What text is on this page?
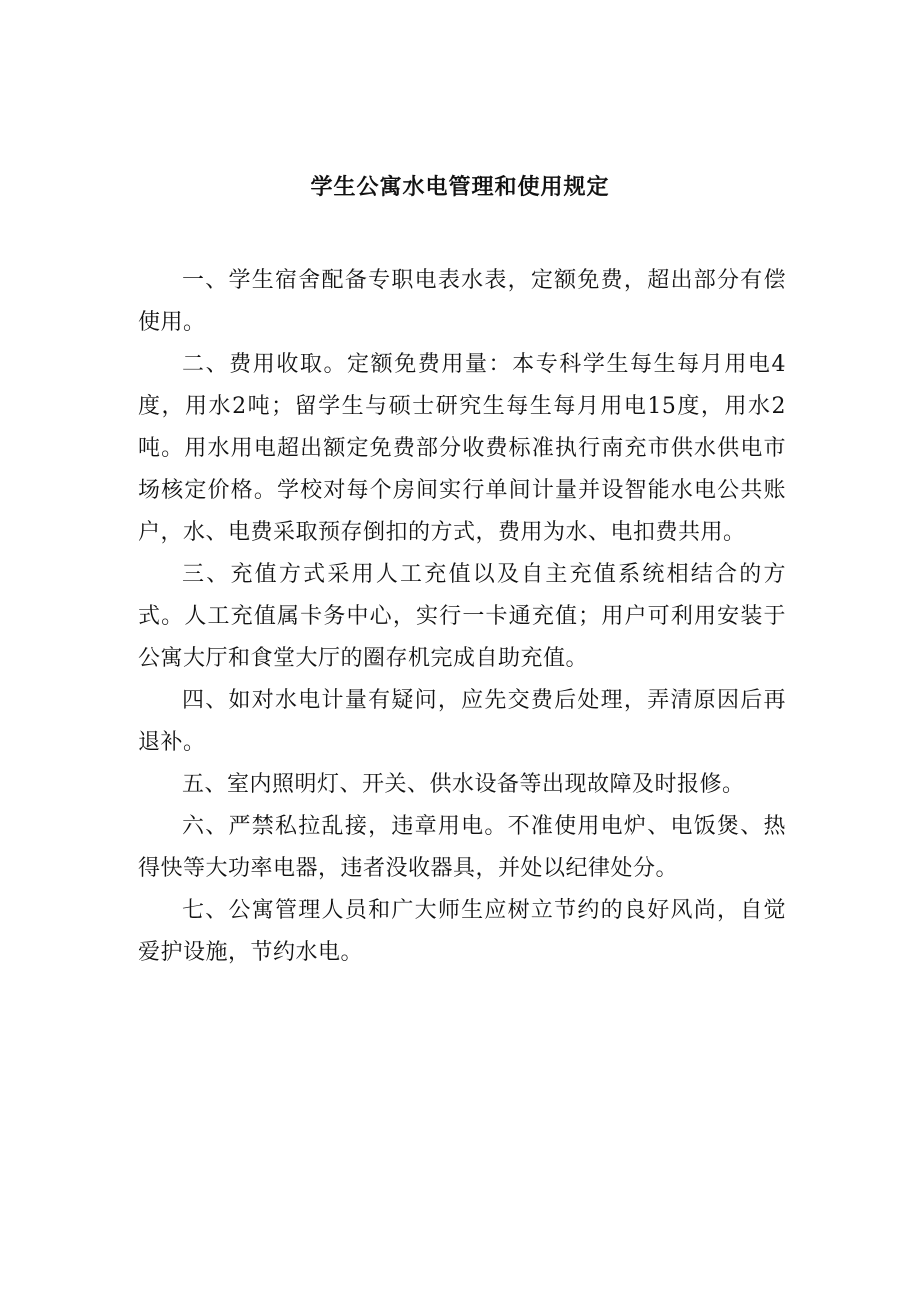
学生公寓水电管理和使用规定

一、学生宿舍配备专职电表水表，定额免费，超出部分有偿使用。

二、费用收取。定额免费用量：本专科学生每生每月用电4度，用水2吨；留学生与硕士研究生每生每月用电15度，用水2吨。用水用电超出额定免费部分收费标准执行南充市供水供电市场核定价格。学校对每个房间实行单间计量并设智能水电公共账户，水、电费采取预存倒扣的方式，费用为水、电扣费共用。

三、充值方式采用人工充值以及自主充值系统相结合的方式。人工充值属卡务中心，实行一卡通充值；用户可利用安装于公寓大厅和食堂大厅的圈存机完成自助充值。

四、如对水电计量有疑问，应先交费后处理，弄清原因后再退补。

五、室内照明灯、开关、供水设备等出现故障及时报修。

六、严禁私拉乱接，违章用电。不准使用电炉、电饭煲、热得快等大功率电器，违者没收器具，并处以纪律处分。

七、公寓管理人员和广大师生应树立节约的良好风尚，自觉爱护设施，节约水电。
